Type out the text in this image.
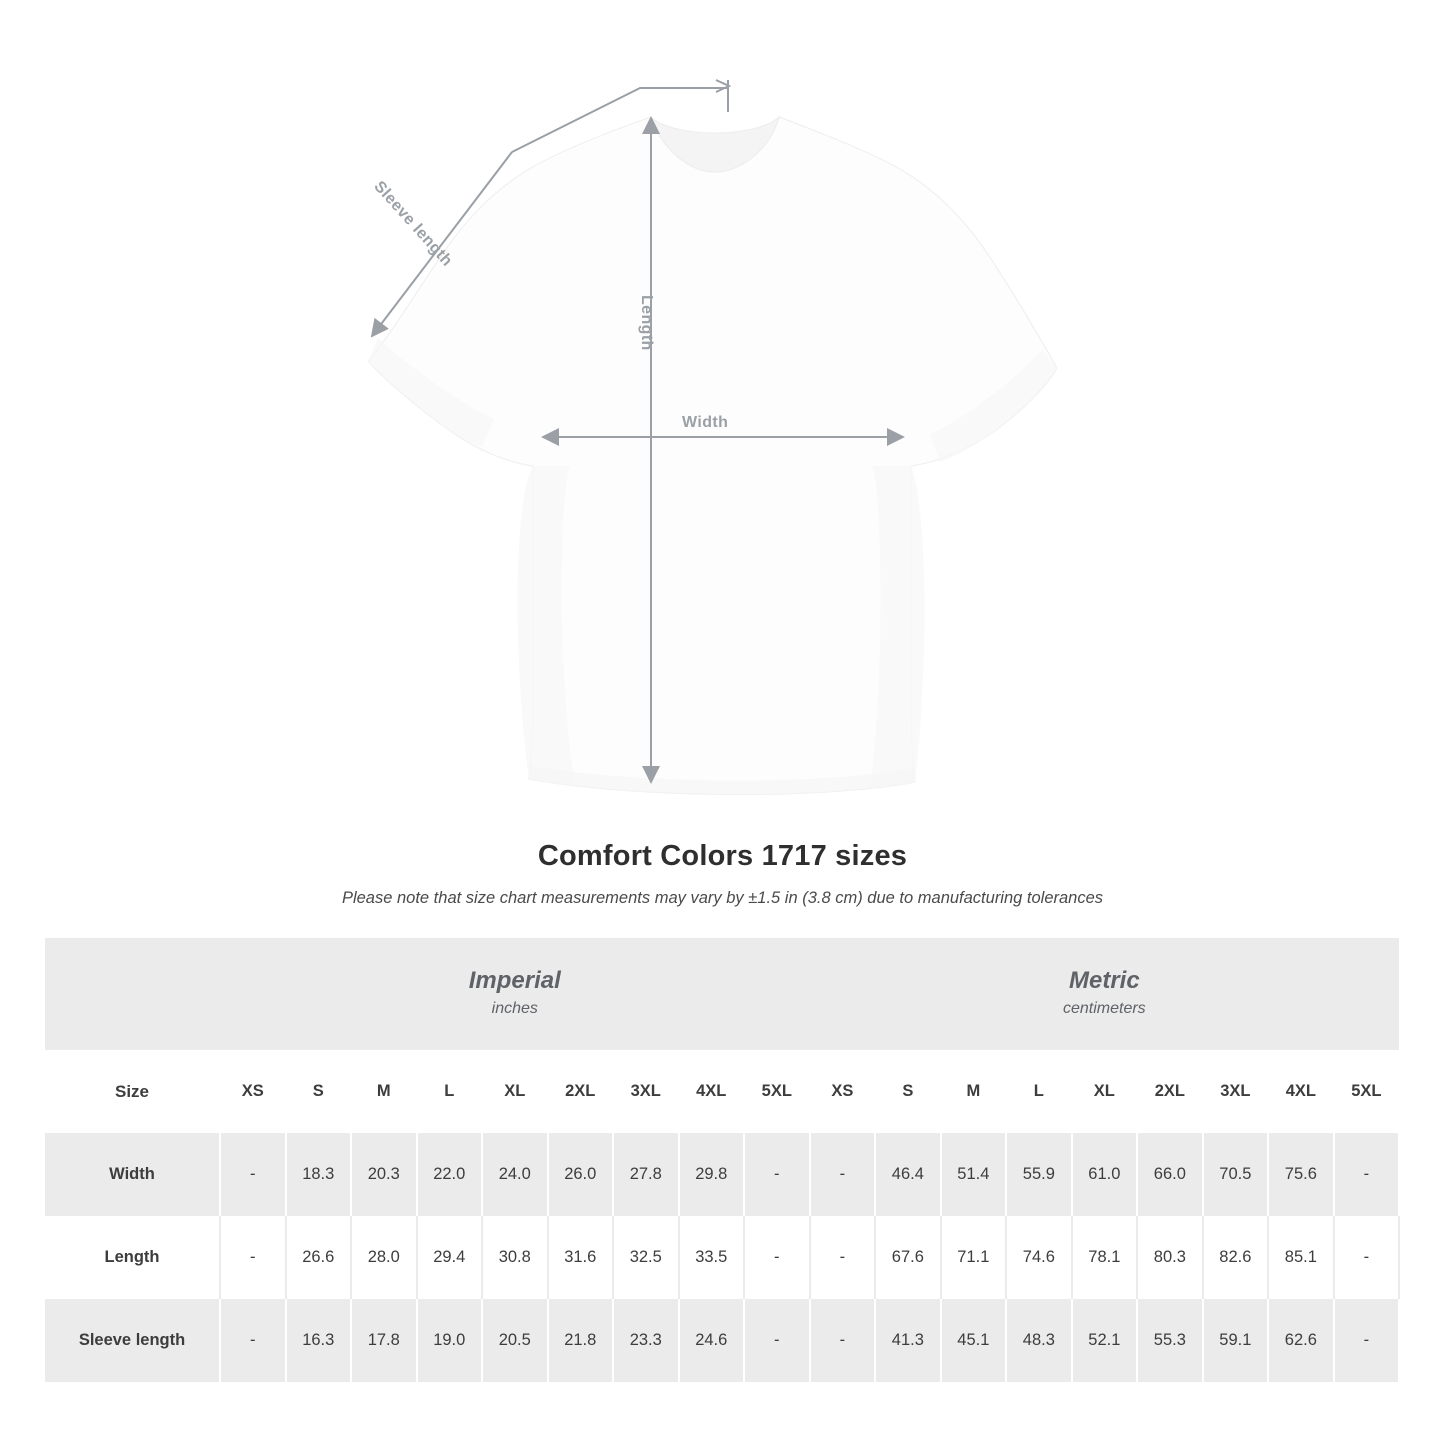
Width
Length
Sleeve length
Comfort Colors 1717 sizes

Please note that size chart measurements may vary by ±1.5 in (3.8 cm) due to manufacturing tolerances

Imperial
inches

Metric
centimeters

Size	XS	S	M	L	XL	2XL	3XL	4XL	5XL	XS	S	M	L	XL	2XL	3XL	4XL	5XL
Width	-	18.3	20.3	22.0	24.0	26.0	27.8	29.8	-	-	46.4	51.4	55.9	61.0	66.0	70.5	75.6	-
Length	-	26.6	28.0	29.4	30.8	31.6	32.5	33.5	-	-	67.6	71.1	74.6	78.1	80.3	82.6	85.1	-
Sleeve length	-	16.3	17.8	19.0	20.5	21.8	23.3	24.6	-	-	41.3	45.1	48.3	52.1	55.3	59.1	62.6	-
